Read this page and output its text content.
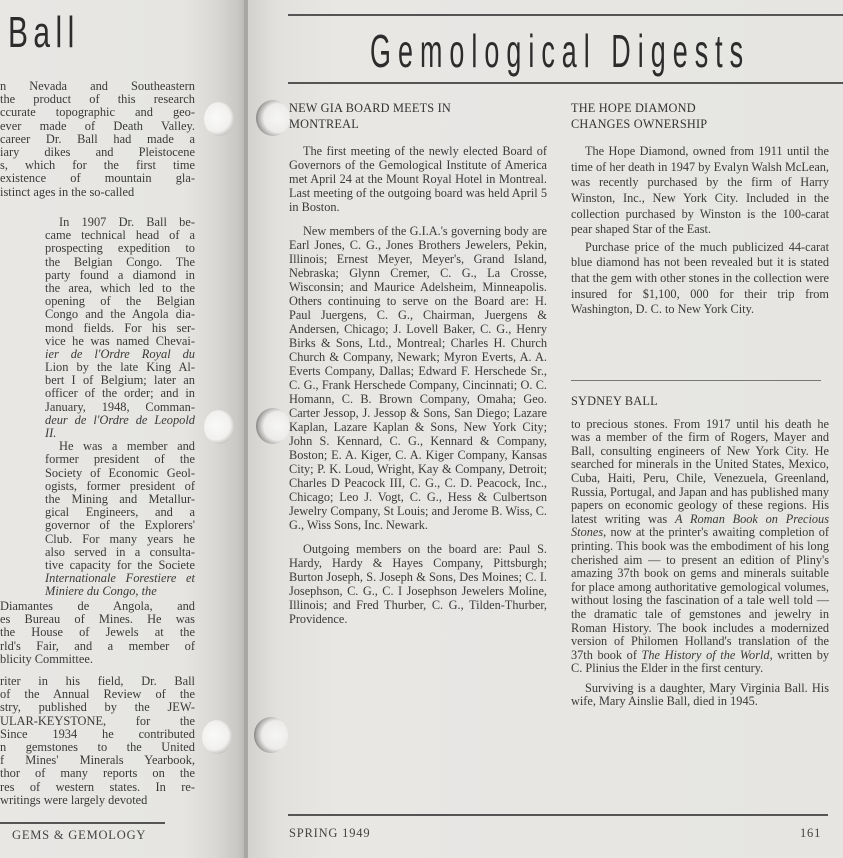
Ball
n Nevada and Southeastern
the product of this research
ccurate topographic and geo-
ever made of Death Valley.
career Dr. Ball had made a
iary dikes and Pleistocene
s, which for the first time
existence of mountain gla-
istinct ages in the so-called
In 1907 Dr. Ball be-
came technical head of a
prospecting expedition to
the Belgian Congo. The
party found a diamond in
the area, which led to the
opening of the Belgian
Congo and the Angola dia-
mond fields. For his ser-
vice he was named Chevai-
ier de l'Ordre Royal du
Lion by the late King Al-
bert I of Belgium; later an
officer of the order; and in
January, 1948, Comman-
deur de l'Ordre de Leopold
II.
He was a member and
former president of the
Society of Economic Geol-
ogists, former president of
the Mining and Metallur-
gical Engineers, and a
governor of the Explorers'
Club. For many years he
also served in a consulta-
tive capacity for the Societe
Internationale Forestiere et
Miniere du Congo, the
Diamantes de Angola, and
es Bureau of Mines. He was
the House of Jewels at the
rld's Fair, and a member of
blicity Committee.
riter in his field, Dr. Ball
of the Annual Review of the
stry, published by the JEW-
ULAR-KEYSTONE, for the
Since 1934 he contributed
n gemstones to the United
f Mines' Minerals Yearbook,
thor of many reports on the
res of western states. In re-
writings were largely devoted
GEMS & GEMOLOGY
Gemological Digests
NEW GIA BOARD MEETS IN
MONTREAL

The first meeting of the newly elected Board of Governors of the Gemological Institute of America met April 24 at the Mount Royal Hotel in Montreal. Last meeting of the outgoing board was held April 5 in Boston.

New members of the G.I.A.'s governing body are Earl Jones, C. G., Jones Brothers Jewelers, Pekin, Illinois; Ernest Meyer, Meyer's, Grand Island, Nebraska; Glynn Cremer, C. G., La Crosse, Wisconsin; and Maurice Adelsheim, Minneapolis. Others continuing to serve on the Board are: H. Paul Juergens, C. G., Chairman, Juergens & Andersen, Chicago; J. Lovell Baker, C. G., Henry Birks & Sons, Ltd., Montreal; Charles H. Church Church & Company, Newark; Myron Everts, A. A. Everts Company, Dallas; Edward F. Herschede Sr., C. G., Frank Herschede Company, Cincinnati; O. C. Homann, C. B. Brown Company, Omaha; Geo. Carter Jessop, J. Jessop & Sons, San Diego; Lazare Kaplan, Lazare Kaplan & Sons, New York City; John S. Kennard, C. G., Kennard & Company, Boston; E. A. Kiger, C. A. Kiger Company, Kansas City; P. K. Loud, Wright, Kay & Company, Detroit; Charles D Peacock III, C. G., C. D. Peacock, Inc., Chicago; Leo J. Vogt, C. G., Hess & Culbertson Jewelry Company, St Louis; and Jerome B. Wiss, C. G., Wiss Sons, Inc. Newark.

Outgoing members on the board are: Paul S. Hardy, Hardy & Hayes Company, Pittsburgh; Burton Joseph, S. Joseph & Sons, Des Moines; C. I. Josephson, C. G., C. I Josephson Jewelers Moline, Illinois; and Fred Thurber, C. G., Tilden-Thurber, Providence.

THE HOPE DIAMOND
CHANGES OWNERSHIP

The Hope Diamond, owned from 1911 until the time of her death in 1947 by Evalyn Walsh McLean, was recently purchased by the firm of Harry Winston, Inc., New York City. Included in the collection purchased by Winston is the 100-carat pear shaped Star of the East.

Purchase price of the much publicized 44-carat blue diamond has not been revealed but it is stated that the gem with other stones in the collection were insured for $1,100, 000 for their trip from Washington, D. C. to New York City.

SYDNEY BALL

to precious stones. From 1917 until his death he was a member of the firm of Rogers, Mayer and Ball, consulting engineers of New York City. He searched for minerals in the United States, Mexico, Cuba, Haiti, Peru, Chile, Venezuela, Greenland, Russia, Portugal, and Japan and has published many papers on economic geology of these regions. His latest writing was A Roman Book on Precious Stones, now at the printer's awaiting completion of printing. This book was the embodiment of his long cherished aim — to present an edition of Pliny's amazing 37th book on gems and minerals suitable for place among authoritative gemological volumes, without losing the fascination of a tale well told — the dramatic tale of gemstones and jewelry in Roman History. The book includes a modernized version of Philomen Holland's translation of the 37th book of The History of the World, written by C. Plinius the Elder in the first century.

Surviving is a daughter, Mary Virginia Ball. His wife, Mary Ainslie Ball, died in 1945.

SPRING 1949	161
